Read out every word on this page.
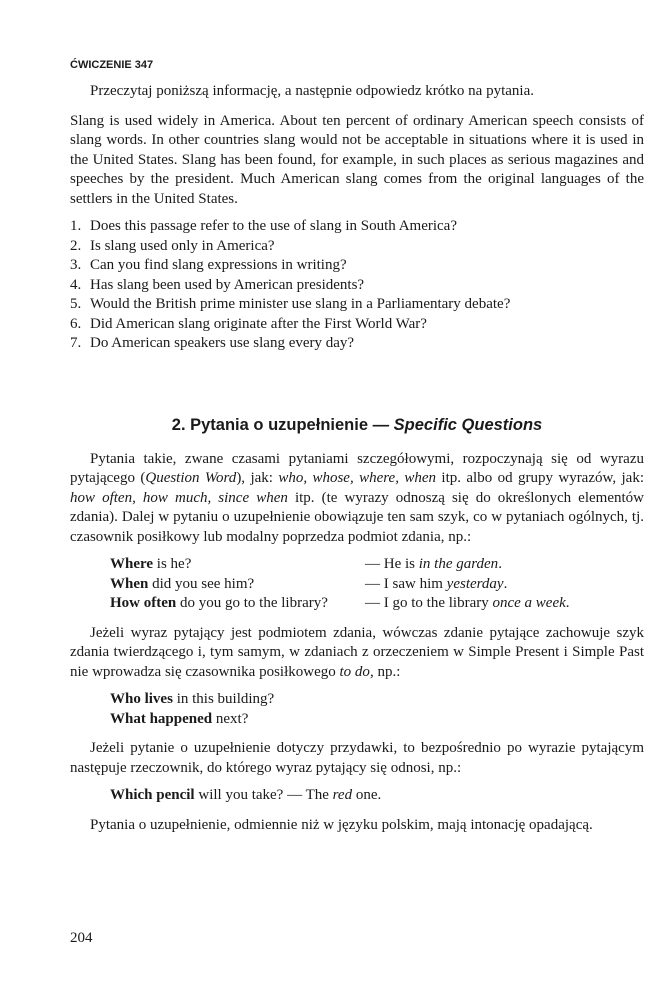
ĆWICZENIE 347

Przeczytaj poniższą informację, a następnie odpowiedz krótko na pytania.

Slang is used widely in America. About ten percent of ordinary American speech consists of slang words. In other countries slang would not be acceptable in situations where it is used in the United States. Slang has been found, for example, in such places as serious magazines and speeches by the president. Much American slang comes from the original languages of the settlers in the United States.

1. Does this passage refer to the use of slang in South America?
2. Is slang used only in America?
3. Can you find slang expressions in writing?
4. Has slang been used by American presidents?
5. Would the British prime minister use slang in a Parliamentary debate?
6. Did American slang originate after the First World War?
7. Do American speakers use slang every day?
2. Pytania o uzupełnienie — Specific Questions

Pytania takie, zwane czasami pytaniami szczegółowymi, rozpoczynają się od wyrazu pytającego (Question Word), jak: who, whose, where, when itp. albo od grupy wyrazów, jak: how often, how much, since when itp. (te wyrazy odnoszą się do określonych elementów zdania). Dalej w pytaniu o uzupełnienie obowiązuje ten sam szyk, co w pytaniach ogólnych, tj. czasownik posiłkowy lub modalny poprzedza podmiot zdania, np.:

Where is he?	— He is in the garden.
When did you see him?	— I saw him yesterday.
How often do you go to the library?	— I go to the library once a week.

Jeżeli wyraz pytający jest podmiotem zdania, wówczas zdanie pytające zachowuje szyk zdania twierdzącego i, tym samym, w zdaniach z orzeczeniem w Simple Present i Simple Past nie wprowadza się czasownika posiłkowego to do, np.:

Who lives in this building?
What happened next?

Jeżeli pytanie o uzupełnienie dotyczy przydawki, to bezpośrednio po wyrazie pytającym następuje rzeczownik, do którego wyraz pytający się odnosi, np.:

Which pencil will you take? — The red one.

Pytania o uzupełnienie, odmiennie niż w języku polskim, mają intonację opadającą.

204
